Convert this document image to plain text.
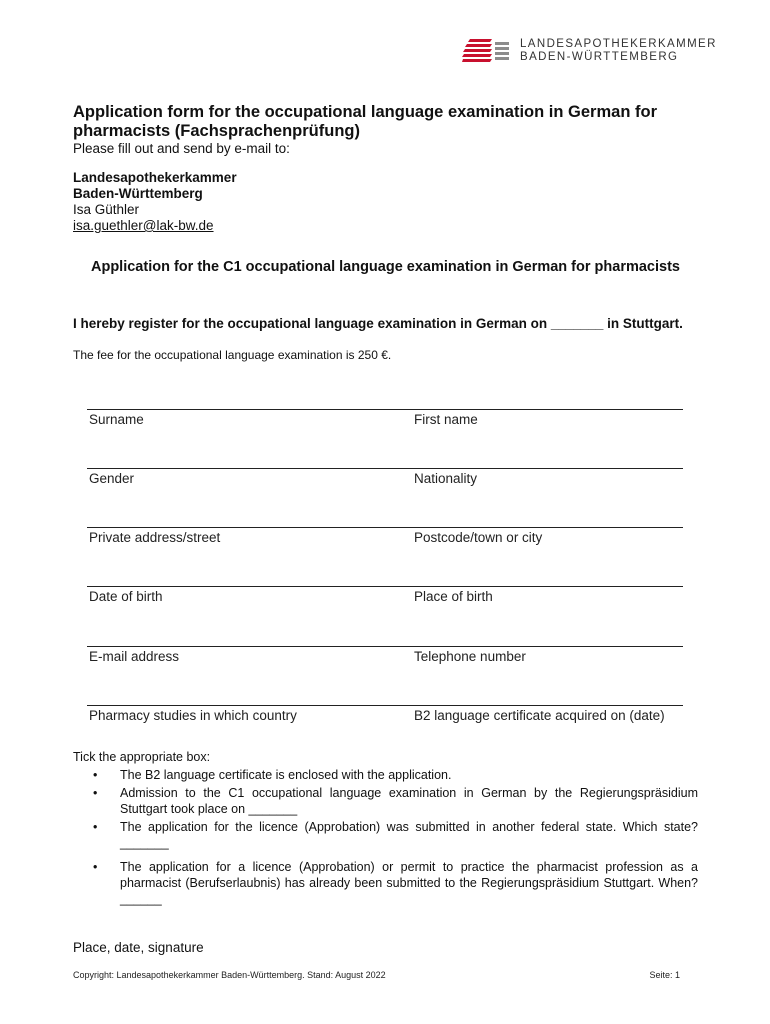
LANDESAPOTHEKERKAMMER
BADEN-WÜRTTEMBERG
Application form for the occupational language examination in German for pharmacists (Fachsprachenprüfung)

Please fill out and send by e-mail to:

Landesapothekerkammer
Baden-Württemberg
Isa Güthler
isa.guethler@lak-bw.de
Application for the C1 occupational language examination in German for pharmacists

I hereby register for the occupational language examination in German on _______ in Stuttgart.

The fee for the occupational language examination is 250 €.

Surname	First name
Gender	Nationality
Private address/street	Postcode/town or city
Date of birth	Place of birth
E-mail address	Telephone number
Pharmacy studies in which country	B2 language certificate acquired on (date)

Tick the appropriate box:

• The B2 language certificate is enclosed with the application.
• Admission to the C1 occupational language examination in German by the Regierungspräsidium Stuttgart took place on _______
• The application for the licence (Approbation) was submitted in another federal state. Which state? _______
• The application for a licence (Approbation) or permit to practice the pharmacist profession as a pharmacist (Berufserlaubnis) has already been submitted to the Regierungspräsidium Stuttgart. When? ______

Place, date, signature

Copyright: Landesapothekerkammer Baden-Württemberg. Stand: August 2022	Seite: 1
